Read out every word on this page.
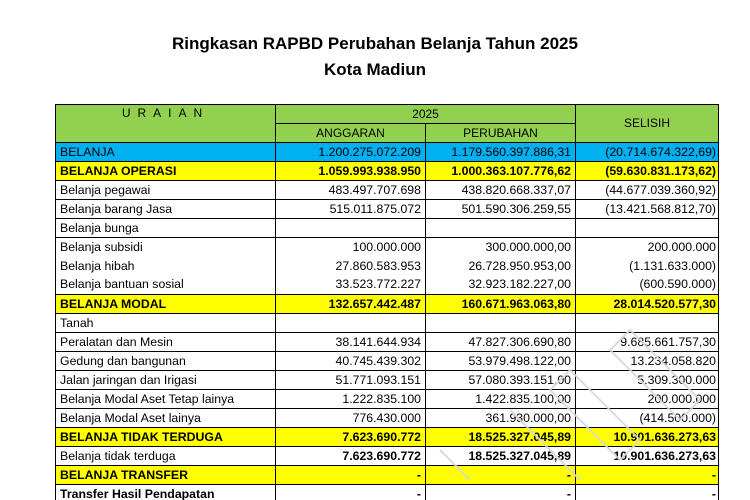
Ringkasan RAPBD Perubahan Belanja Tahun 2025
Kota Madiun
URAIAN	2025		SELISIH
	ANGGARAN	PERUBAHAN	
BELANJA	1.200.275.072.209	1.179.560.397.886,31	(20.714.674.322,69)
BELANJA OPERASI	1.059.993.938.950	1.000.363.107.776,62	(59.630.831.173,62)
Belanja pegawai	483.497.707.698	438.820.668.337,07	(44.677.039.360,92)
Belanja barang Jasa	515.011.875.072	501.590.306.259,55	(13.421.568.812,70)
Belanja bunga			
Belanja subsidi	100.000.000	300.000.000,00	200.000.000
Belanja hibah	27.860.583.953	26.728.950.953,00	(1.131.633.000)
Belanja bantuan sosial	33.523.772.227	32.923.182.227,00	(600.590.000)
BELANJA MODAL	132.657.442.487	160.671.963.063,80	28.014.520.577,30
Tanah			
Peralatan dan Mesin	38.141.644.934	47.827.306.690,80	9.685.661.757,30
Gedung dan bangunan	40.745.439.302	53.979.498.122,00	13.234.058.820
Jalan jaringan dan Irigasi	51.771.093.151	57.080.393.151,00	5.309.300.000
Belanja Modal Aset Tetap lainya	1.222.835.100	1.422.835.100,00	200.000.000
Belanja Modal Aset lainya	776.430.000	361.930.000,00	(414.500.000)
BELANJA TIDAK TERDUGA	7.623.690.772	18.525.327.045,89	10.901.636.273,63
Belanja tidak terduga	7.623.690.772	18.525.327.045,89	10.901.636.273,63
BELANJA TRANSFER	-	-	-
Transfer Hasil Pendapatan	-	-	-
